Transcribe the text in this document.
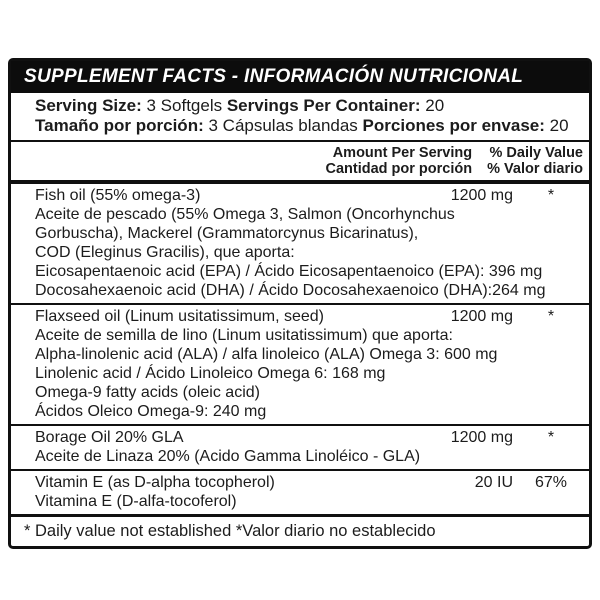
SUPPLEMENT FACTS - INFORMACIÓN NUTRICIONAL
Serving Size: 3 Softgels Servings Per Container: 20
Tamaño por porción: 3 Cápsulas blandas Porciones por envase: 20
Amount Per Serving % Daily Value
Cantidad por porción % Valor diario
Fish oil (55% omega-3)	1200 mg	*
Aceite de pescado (55% Omega 3, Salmon (Oncorhynchus
Gorbuscha), Mackerel (Grammatorcynus Bicarinatus),
COD (Eleginus Gracilis), que aporta:
Eicosapentaenoic acid (EPA) / Ácido Eicosapentaenoico (EPA): 396 mg
Docosahexaenoic acid (DHA) / Ácido Docosahexaenoico (DHA):264 mg
Flaxseed oil (Linum usitatissimum, seed)	1200 mg	*
Aceite de semilla de lino (Linum usitatissimum) que aporta:
Alpha-linolenic acid (ALA) / alfa linoleico (ALA) Omega 3: 600 mg
Linolenic acid / Ácido Linoleico Omega 6: 168 mg
Omega-9 fatty acids (oleic acid)
Ácidos Oleico Omega-9: 240 mg
Borage Oil 20% GLA	1200 mg	*
Aceite de Linaza 20% (Acido Gamma Linoléico - GLA)
Vitamin E (as D-alpha tocopherol)	20 IU	67%
Vitamina E (D-alfa-tocoferol)
* Daily value not established *Valor diario no establecido
